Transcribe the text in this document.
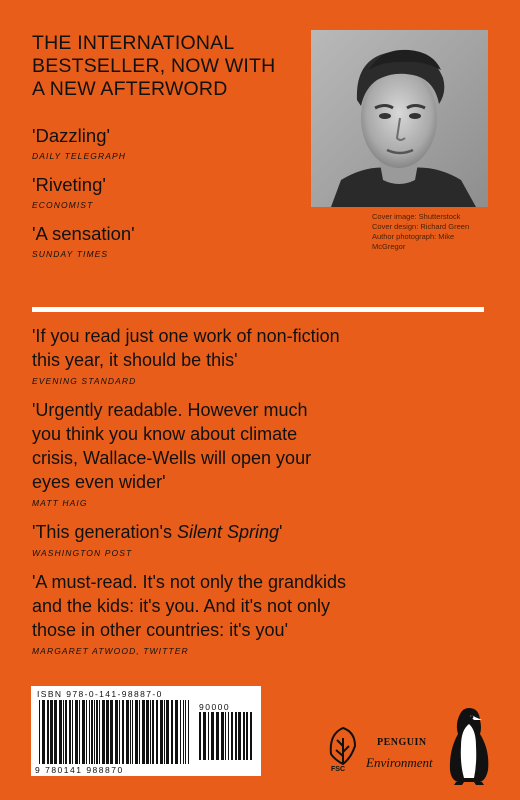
THE INTERNATIONAL
BESTSELLER, NOW WITH
A NEW AFTERWORD
'Dazzling'
DAILY TELEGRAPH
'Riveting'
ECONOMIST
'A sensation'
SUNDAY TIMES
Cover image: Shutterstock
Cover design: Richard Green
Author photograph: Mike
McGregor
'If you read just one work of non-fiction
this year, it should be this'
EVENING STANDARD
'Urgently readable. However much
you think you know about climate
crisis, Wallace-Wells will open your
eyes even wider'
MATT HAIG
'This generation's Silent Spring'
WASHINGTON POST
'A must-read. It's not only the grandkids
and the kids: it's you. And it's not only
those in other countries: it's you'
MARGARET ATWOOD, TWITTER
ISBN 978-0-141-98887-0
90000
9 780141 988870	FSC
PENGUIN
Environment
